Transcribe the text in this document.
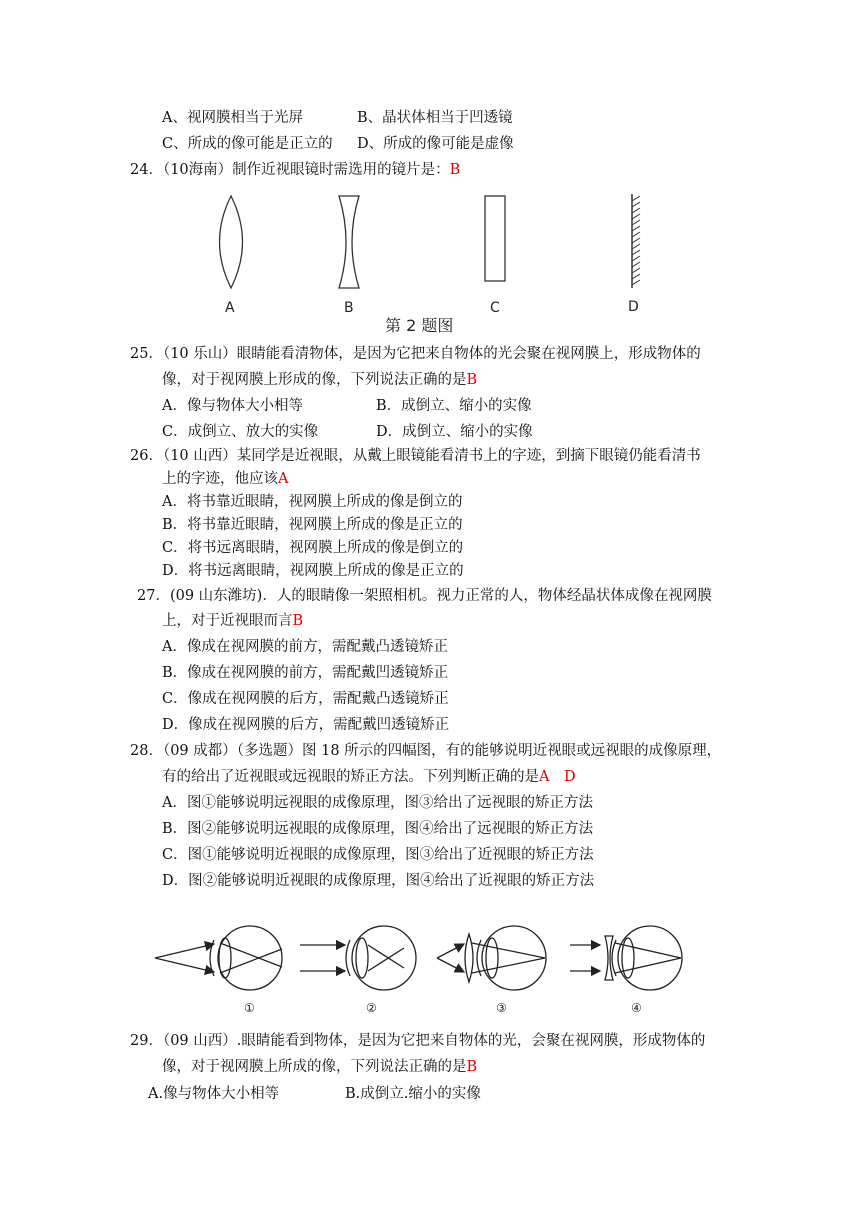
A、视网膜相当于光屏	B、晶状体相当于凹透镜
C、所成的像可能是正立的 D、所成的像可能是虚像
24．（10海南）制作近视眼镜时需选用的镜片是：B
A	B	C	D
第 2 题图
25．（10 乐山）眼睛能看清物体，是因为它把来自物体的光会聚在视网膜上，形成物体的
像，对于视网膜上形成的像，下列说法正确的是B
A．像与物体大小相等	B．成倒立、缩小的实像
C．成倒立、放大的实像	D．成倒立、缩小的实像
26．（10 山西）某同学是近视眼，从戴上眼镜能看清书上的字迹，到摘下眼镜仍能看清书
上的字迹，他应该A
A．将书靠近眼睛，视网膜上所成的像是倒立的
B．将书靠近眼睛，视网膜上所成的像是正立的
C．将书远离眼睛，视网膜上所成的像是倒立的
D．将书远离眼睛，视网膜上所成的像是正立的
27．(09 山东潍坊)．人的眼睛像一架照相机。视力正常的人，物体经晶状体成像在视网膜
上，对于近视眼而言B
A．像成在视网膜的前方，需配戴凸透镜矫正
B．像成在视网膜的前方，需配戴凹透镜矫正
C．像成在视网膜的后方，需配戴凸透镜矫正
D．像成在视网膜的后方，需配戴凹透镜矫正
28．（09 成都）（多选题）图 18 所示的四幅图，有的能够说明近视眼或远视眼的成像原理，
有的给出了近视眼或远视眼的矫正方法。下列判断正确的是A　D
A．图①能够说明远视眼的成像原理，图③给出了远视眼的矫正方法
B．图②能够说明远视眼的成像原理，图④给出了远视眼的矫正方法
C．图①能够说明近视眼的成像原理，图③给出了近视眼的矫正方法
D．图②能够说明近视眼的成像原理，图④给出了近视眼的矫正方法
①	②	③	④
29．（09 山西）.眼睛能看到物体，是因为它把来自物体的光，会聚在视网膜，形成物体的
像，对于视网膜上所成的像，下列说法正确的是B
A.像与物体大小相等	B.成倒立.缩小的实像
